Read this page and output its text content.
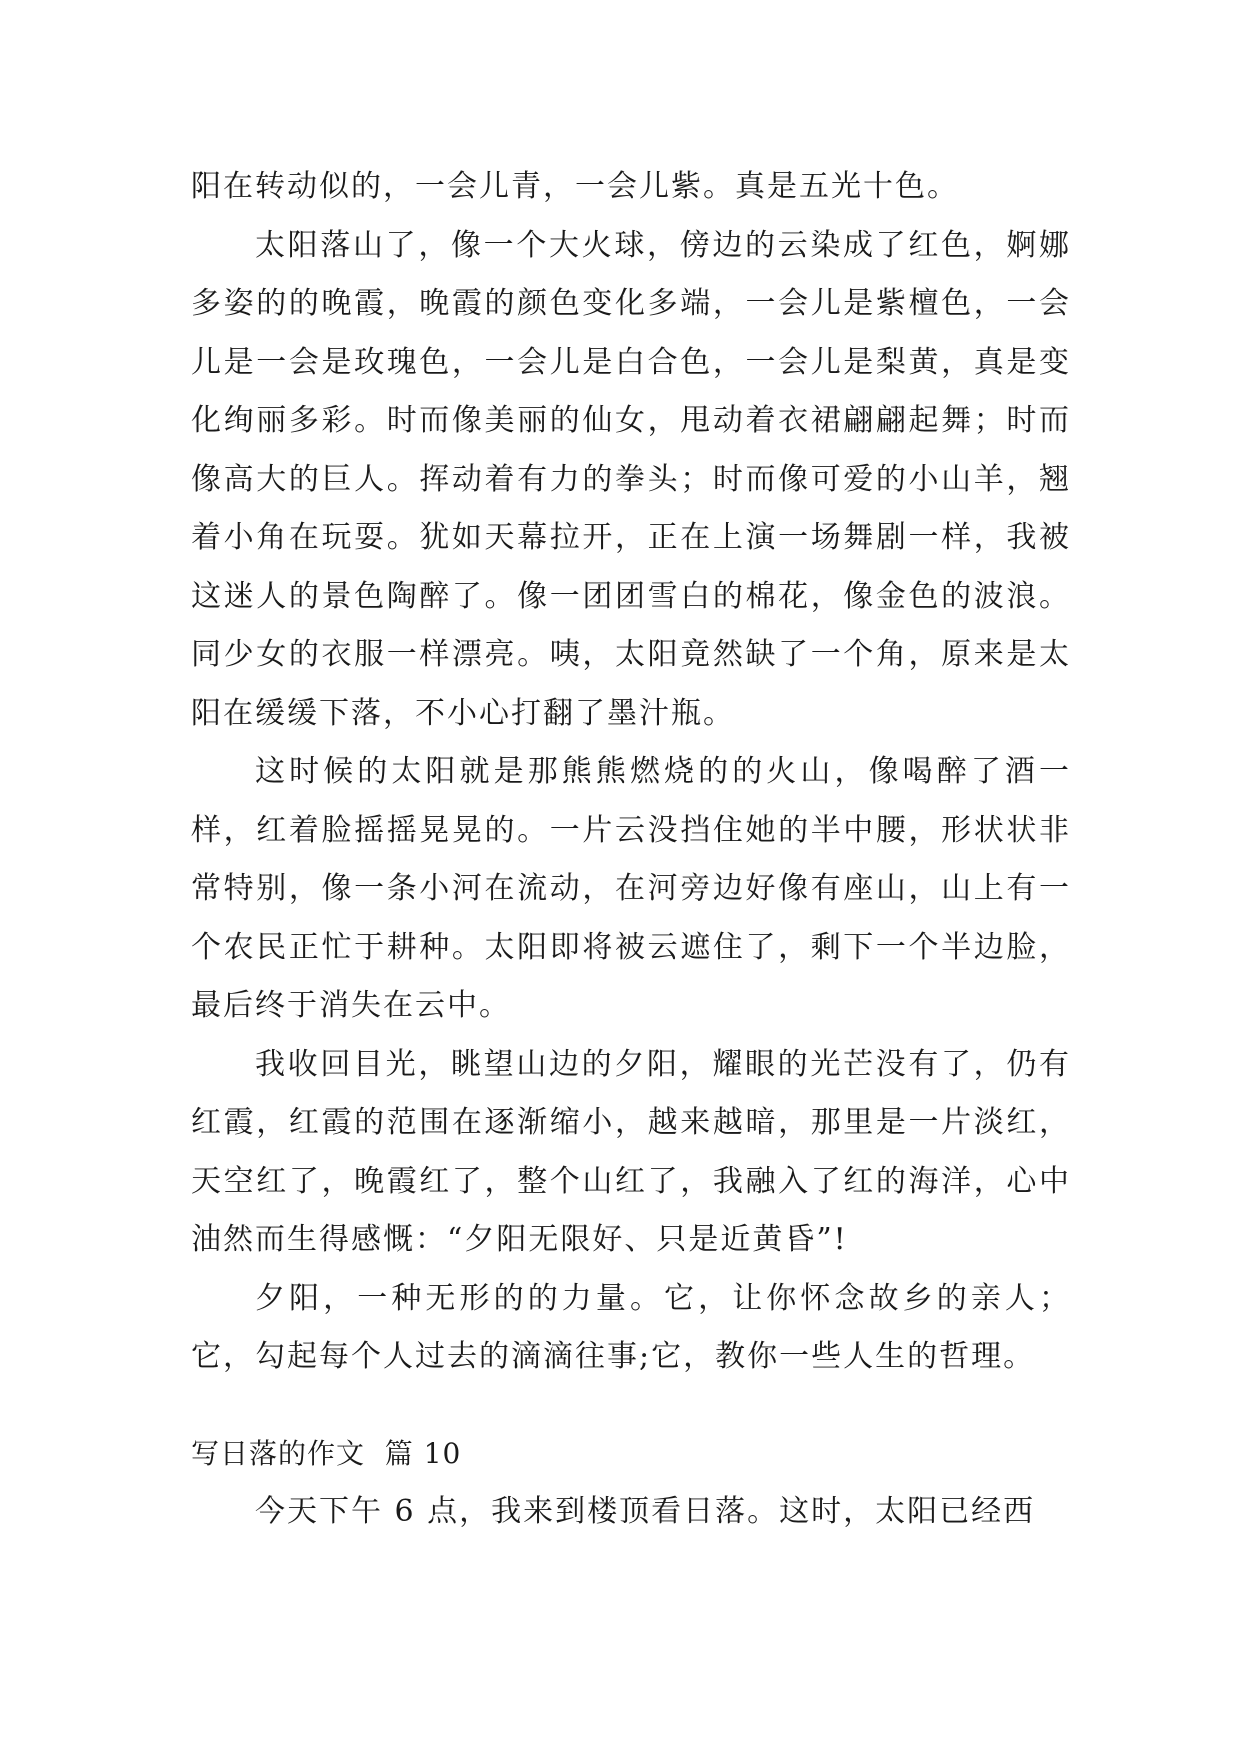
阳在转动似的，一会儿青，一会儿紫。真是五光十色。

太阳落山了，像一个大火球，傍边的云染成了红色，婀娜多姿的的晚霞，晚霞的颜色变化多端，一会儿是紫檀色，一会儿是一会是玫瑰色，一会儿是白合色，一会儿是梨黄，真是变化绚丽多彩。时而像美丽的仙女，甩动着衣裙翩翩起舞；时而像高大的巨人。挥动着有力的拳头；时而像可爱的小山羊，翘着小角在玩耍。犹如天幕拉开，正在上演一场舞剧一样，我被这迷人的景色陶醉了。像一团团雪白的棉花，像金色的波浪。同少女的衣服一样漂亮。咦，太阳竟然缺了一个角，原来是太阳在缓缓下落，不小心打翻了墨汁瓶。

这时候的太阳就是那熊熊燃烧的的火山，像喝醉了酒一样，红着脸摇摇晃晃的。一片云没挡住她的半中腰，形状状非常特别，像一条小河在流动，在河旁边好像有座山，山上有一个农民正忙于耕种。太阳即将被云遮住了，剩下一个半边脸，最后终于消失在云中。

我收回目光，眺望山边的夕阳，耀眼的光芒没有了，仍有红霞，红霞的范围在逐渐缩小，越来越暗，那里是一片淡红，天空红了，晚霞红了，整个山红了，我融入了红的海洋，心中油然而生得感慨：“夕阳无限好、只是近黄昏”!

夕阳，一种无形的的力量。它，让你怀念故乡的亲人；它，勾起每个人过去的滴滴往事;它，教你一些人生的哲理。

写日落的作文  篇 10

今天下午 6 点，我来到楼顶看日落。这时，太阳已经西
